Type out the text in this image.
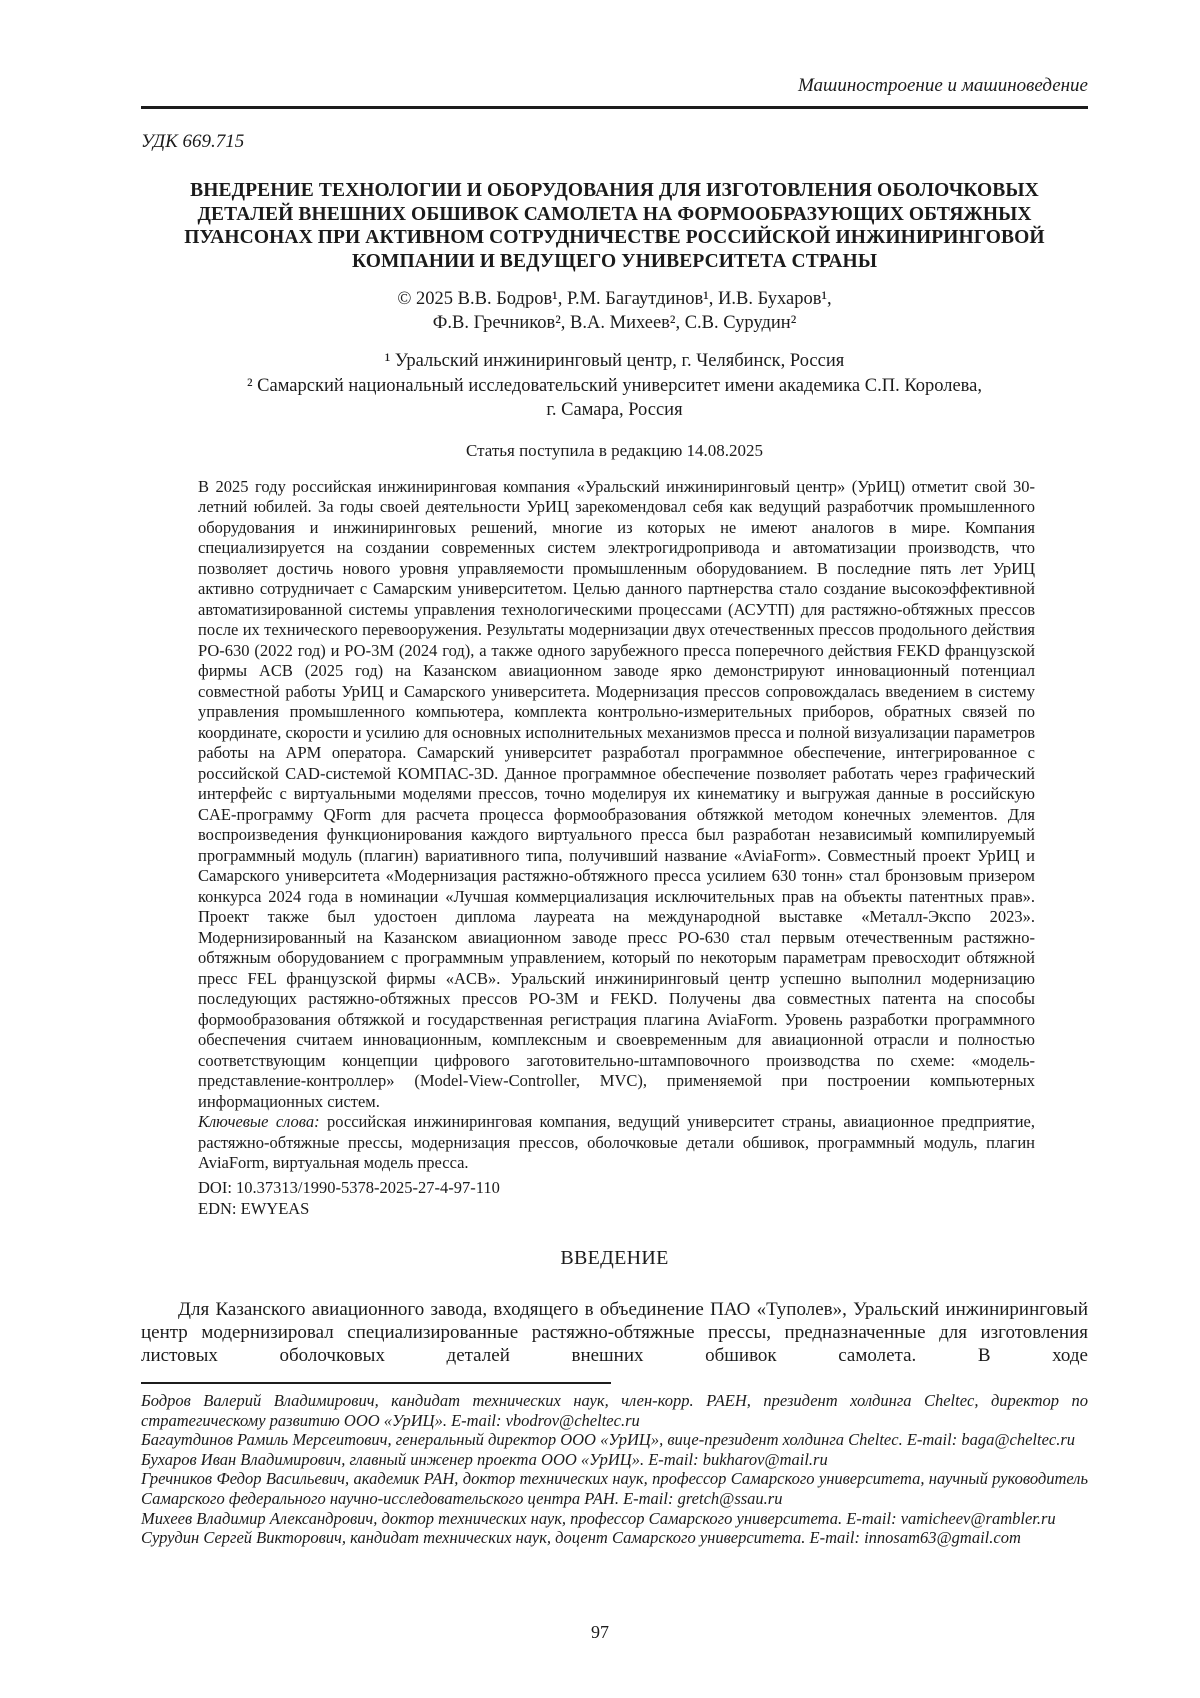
Машиностроение и машиноведение
УДК 669.715
ВНЕДРЕНИЕ ТЕХНОЛОГИИ И ОБОРУДОВАНИЯ ДЛЯ ИЗГОТОВЛЕНИЯ ОБОЛОЧКОВЫХ
ДЕТАЛЕЙ ВНЕШНИХ ОБШИВОК САМОЛЕТА НА ФОРМООБРАЗУЮЩИХ ОБТЯЖНЫХ
ПУАНСОНАХ ПРИ АКТИВНОМ СОТРУДНИЧЕСТВЕ РОССИЙСКОЙ ИНЖИНИРИНГОВОЙ
КОМПАНИИ И ВЕДУЩЕГО УНИВЕРСИТЕТА СТРАНЫ
© 2025 В.В. Бодров¹, Р.М. Багаутдинов¹, И.В. Бухаров¹,
Ф.В. Гречников², В.А. Михеев², С.В. Сурудин²
¹ Уральский инжиниринговый центр, г. Челябинск, Россия
² Самарский национальный исследовательский университет имени академика С.П. Королева,
г. Самара, Россия
Статья поступила в редакцию 14.08.2025

В 2025 году российская инжиниринговая компания «Уральский инжиниринговый центр» (УрИЦ) отметит свой 30-летний юбилей. За годы своей деятельности УрИЦ зарекомендовал себя как ведущий разработчик промышленного оборудования и инжиниринговых решений, многие из которых не имеют аналогов в мире. Компания специализируется на создании современных систем электрогидропривода и автоматизации производств, что позволяет достичь нового уровня управляемости промышленным оборудованием. В последние пять лет УрИЦ активно сотрудничает с Самарским университетом. Целью данного партнерства стало создание высокоэффективной автоматизированной системы управления технологическими процессами (АСУТП) для растяжно-обтяжных прессов после их технического перевооружения. Результаты модернизации двух отечественных прессов продольного действия РО-630 (2022 год) и РО-3М (2024 год), а также одного зарубежного пресса поперечного действия FEKD французской фирмы ACB (2025 год) на Казанском авиационном заводе ярко демонстрируют инновационный потенциал совместной работы УрИЦ и Самарского университета. Модернизация прессов сопровождалась введением в систему управления промышленного компьютера, комплекта контрольно-измерительных приборов, обратных связей по координате, скорости и усилию для основных исполнительных механизмов пресса и полной визуализации параметров работы на АРМ оператора. Самарский университет разработал программное обеспечение, интегрированное с российской CAD-системой КОМПАС-3D. Данное программное обеспечение позволяет работать через графический интерфейс с виртуальными моделями прессов, точно моделируя их кинематику и выгружая данные в российскую CAE-программу QForm для расчета процесса формообразования обтяжкой методом конечных элементов. Для воспроизведения функционирования каждого виртуального пресса был разработан независимый компилируемый программный модуль (плагин) вариативного типа, получивший название «AviaForm». Совместный проект УрИЦ и Самарского университета «Модернизация растяжно-обтяжного пресса усилием 630 тонн» стал бронзовым призером конкурса 2024 года в номинации «Лучшая коммерциализация исключительных прав на объекты патентных прав». Проект также был удостоен диплома лауреата на международной выставке «Металл-Экспо 2023». Модернизированный на Казанском авиационном заводе пресс РО-630 стал первым отечественным растяжно-обтяжным оборудованием с программным управлением, который по некоторым параметрам превосходит обтяжной пресс FEL французской фирмы «ACB». Уральский инжиниринговый центр успешно выполнил модернизацию последующих растяжно-обтяжных прессов РО-3М и FEKD. Получены два совместных патента на способы формообразования обтяжкой и государственная регистрация плагина AviaForm. Уровень разработки программного обеспечения считаем инновационным, комплексным и своевременным для авиационной отрасли и полностью соответствующим концепции цифрового заготовительно-штамповочного производства по схеме: «модель-представление-контроллер» (Model-View-Controller, MVC), применяемой при построении компьютерных информационных систем.

Ключевые слова: российская инжиниринговая компания, ведущий университет страны, авиационное предприятие, растяжно-обтяжные прессы, модернизация прессов, оболочковые детали обшивок, программный модуль, плагин AviaForm, виртуальная модель пресса.

DOI: 10.37313/1990-5378-2025-27-4-97-110
EDN: EWYEAS
ВВЕДЕНИЕ

Для Казанского авиационного завода, входящего в объединение ПАО «Туполев», Уральский инжиниринговый центр модернизировал специализированные растяжно-обтяжные прессы, предназначенные для изготовления листовых оболочковых деталей внешних обшивок самолета. В ходе

Бодров Валерий Владимирович, кандидат технических наук, член-корр. РАЕН, президент холдинга Cheltec, директор по стратегическому развитию ООО «УрИЦ». E-mail: vbodrov@cheltec.ru

Багаутдинов Рамиль Мерсеитович, генеральный директор ООО «УрИЦ», вице-президент холдинга Cheltec. E-mail: baga@cheltec.ru

Бухаров Иван Владимирович, главный инженер проекта ООО «УрИЦ». E-mail: bukharov@mail.ru

Гречников Федор Васильевич, академик РАН, доктор технических наук, профессор Самарского университета, научный руководитель Самарского федерального научно-исследовательского центра РАН. E-mail: gretch@ssau.ru

Михеев Владимир Александрович, доктор технических наук, профессор Самарского университета. E-mail: vamicheev@rambler.ru

Сурудин Сергей Викторович, кандидат технических наук, доцент Самарского университета. E-mail: innosam63@gmail.com

97
